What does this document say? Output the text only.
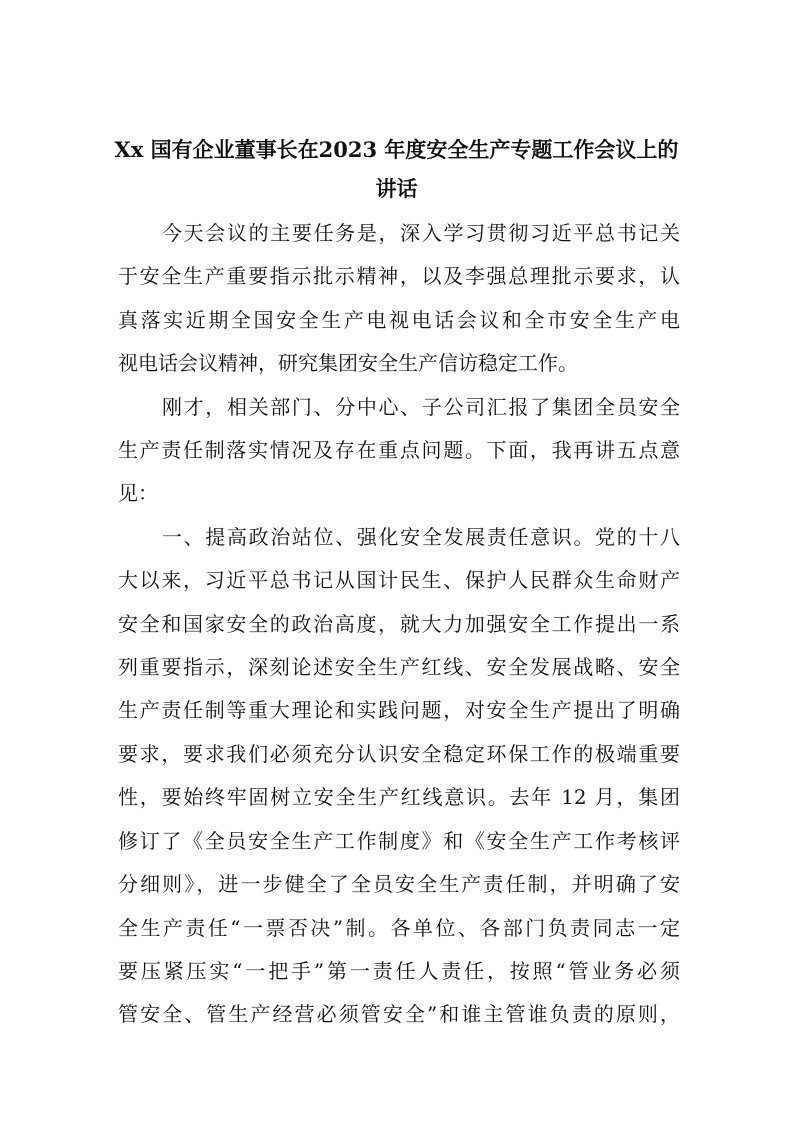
Xx 国有企业董事长在2023 年度安全生产专题工作会议上的
讲话
今天会议的主要任务是，深入学习贯彻习近平总书记关
于安全生产重要指示批示精神，以及李强总理批示要求，认
真落实近期全国安全生产电视电话会议和全市安全生产电
视电话会议精神，研究集团安全生产信访稳定工作。
刚才，相关部门、分中心、子公司汇报了集团全员安全
生产责任制落实情况及存在重点问题。下面，我再讲五点意
见：
一、提高政治站位、强化安全发展责任意识。党的十八
大以来，习近平总书记从国计民生、保护人民群众生命财产
安全和国家安全的政治高度，就大力加强安全工作提出一系
列重要指示，深刻论述安全生产红线、安全发展战略、安全
生产责任制等重大理论和实践问题，对安全生产提出了明确
要求，要求我们必须充分认识安全稳定环保工作的极端重要
性，要始终牢固树立安全生产红线意识。去年 12 月，集团
修订了《全员安全生产工作制度》和《安全生产工作考核评
分细则》，进一步健全了全员安全生产责任制，并明确了安
全生产责任“一票否决”制。各单位、各部门负责同志一定
要压紧压实“一把手”第一责任人责任，按照“管业务必须
管安全、管生产经营必须管安全”和谁主管谁负责的原则，
